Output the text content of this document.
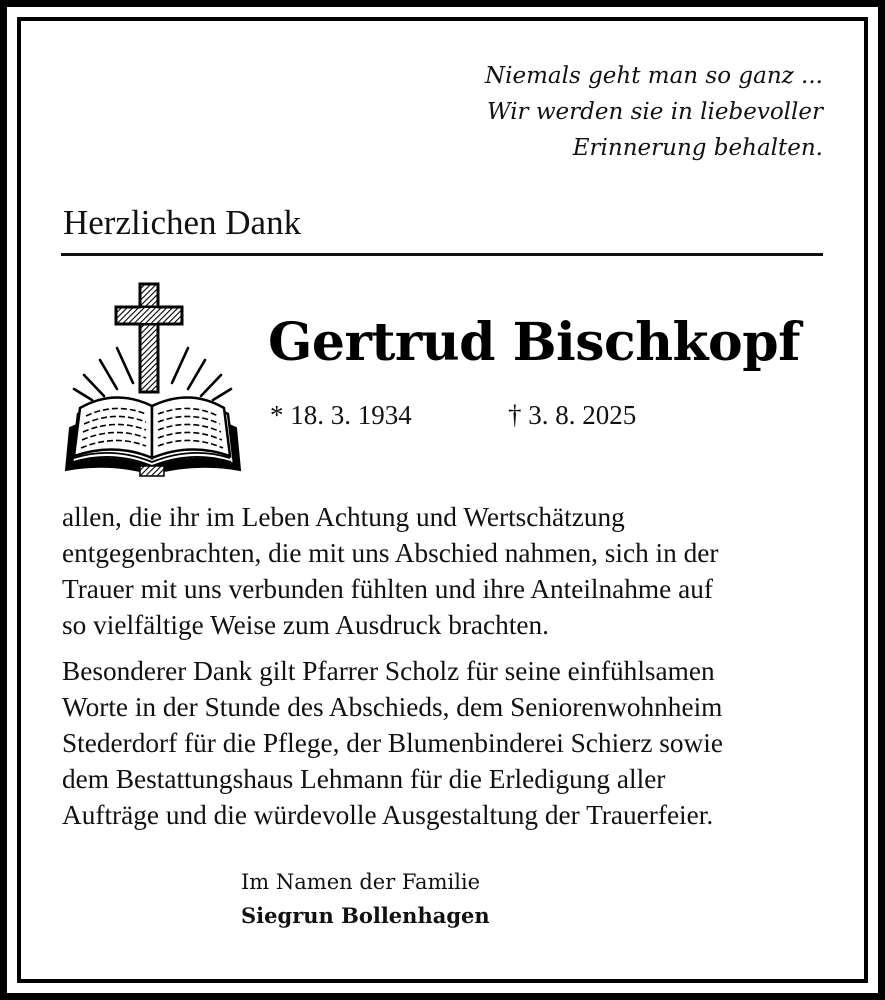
Niemals geht man so ganz ...
Wir werden sie in liebevoller
Erinnerung behalten.
Herzlichen Dank
Gertrud Bischkopf
* 18. 3. 1934	† 3. 8. 2025
allen, die ihr im Leben Achtung und Wertschätzung
entgegenbrachten, die mit uns Abschied nahmen, sich in der
Trauer mit uns verbunden fühlten und ihre Anteilnahme auf
so vielfältige Weise zum Ausdruck brachten.
Besonderer Dank gilt Pfarrer Scholz für seine einfühlsamen
Worte in der Stunde des Abschieds, dem Seniorenwohnheim
Stederdorf für die Pflege, der Blumenbinderei Schierz sowie
dem Bestattungshaus Lehmann für die Erledigung aller
Aufträge und die würdevolle Ausgestaltung der Trauerfeier.
Im Namen der Familie
Siegrun Bollenhagen
